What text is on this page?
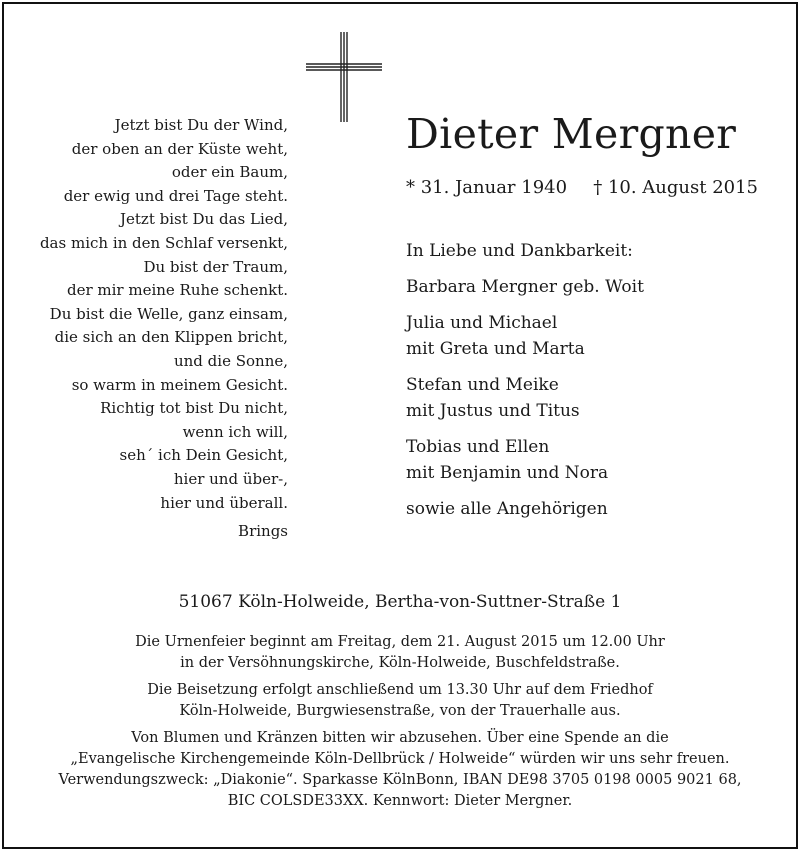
Jetzt bist Du der Wind,
der oben an der Küste weht,
oder ein Baum,
der ewig und drei Tage steht.
Jetzt bist Du das Lied,
das mich in den Schlaf versenkt,
Du bist der Traum,
der mir meine Ruhe schenkt.
Du bist die Welle, ganz einsam,
die sich an den Klippen bricht,
und die Sonne,
so warm in meinem Gesicht.
Richtig tot bist Du nicht,
wenn ich will,
seh´ ich Dein Gesicht,
hier und über-,
hier und überall.
Brings
Dieter Mergner
* 31. Januar 1940 † 10. August 2015
In Liebe und Dankbarkeit:
Barbara Mergner geb. Woit
Julia und Michael
mit Greta und Marta
Stefan und Meike
mit Justus und Titus
Tobias und Ellen
mit Benjamin und Nora
sowie alle Angehörigen
51067 Köln-Holweide, Bertha-von-Suttner-Straße 1

Die Urnenfeier beginnt am Freitag, dem 21. August 2015 um 12.00 Uhr
in der Versöhnungskirche, Köln-Holweide, Buschfeldstraße.

Die Beisetzung erfolgt anschließend um 13.30 Uhr auf dem Friedhof
Köln-Holweide, Burgwiesenstraße, von der Trauerhalle aus.

Von Blumen und Kränzen bitten wir abzusehen. Über eine Spende an die
„Evangelische Kirchengemeinde Köln-Dellbrück / Holweide“ würden wir uns sehr freuen.
Verwendungszweck: „Diakonie“. Sparkasse KölnBonn, IBAN DE98 3705 0198 0005 9021 68,
BIC COLSDE33XX. Kennwort: Dieter Mergner.
